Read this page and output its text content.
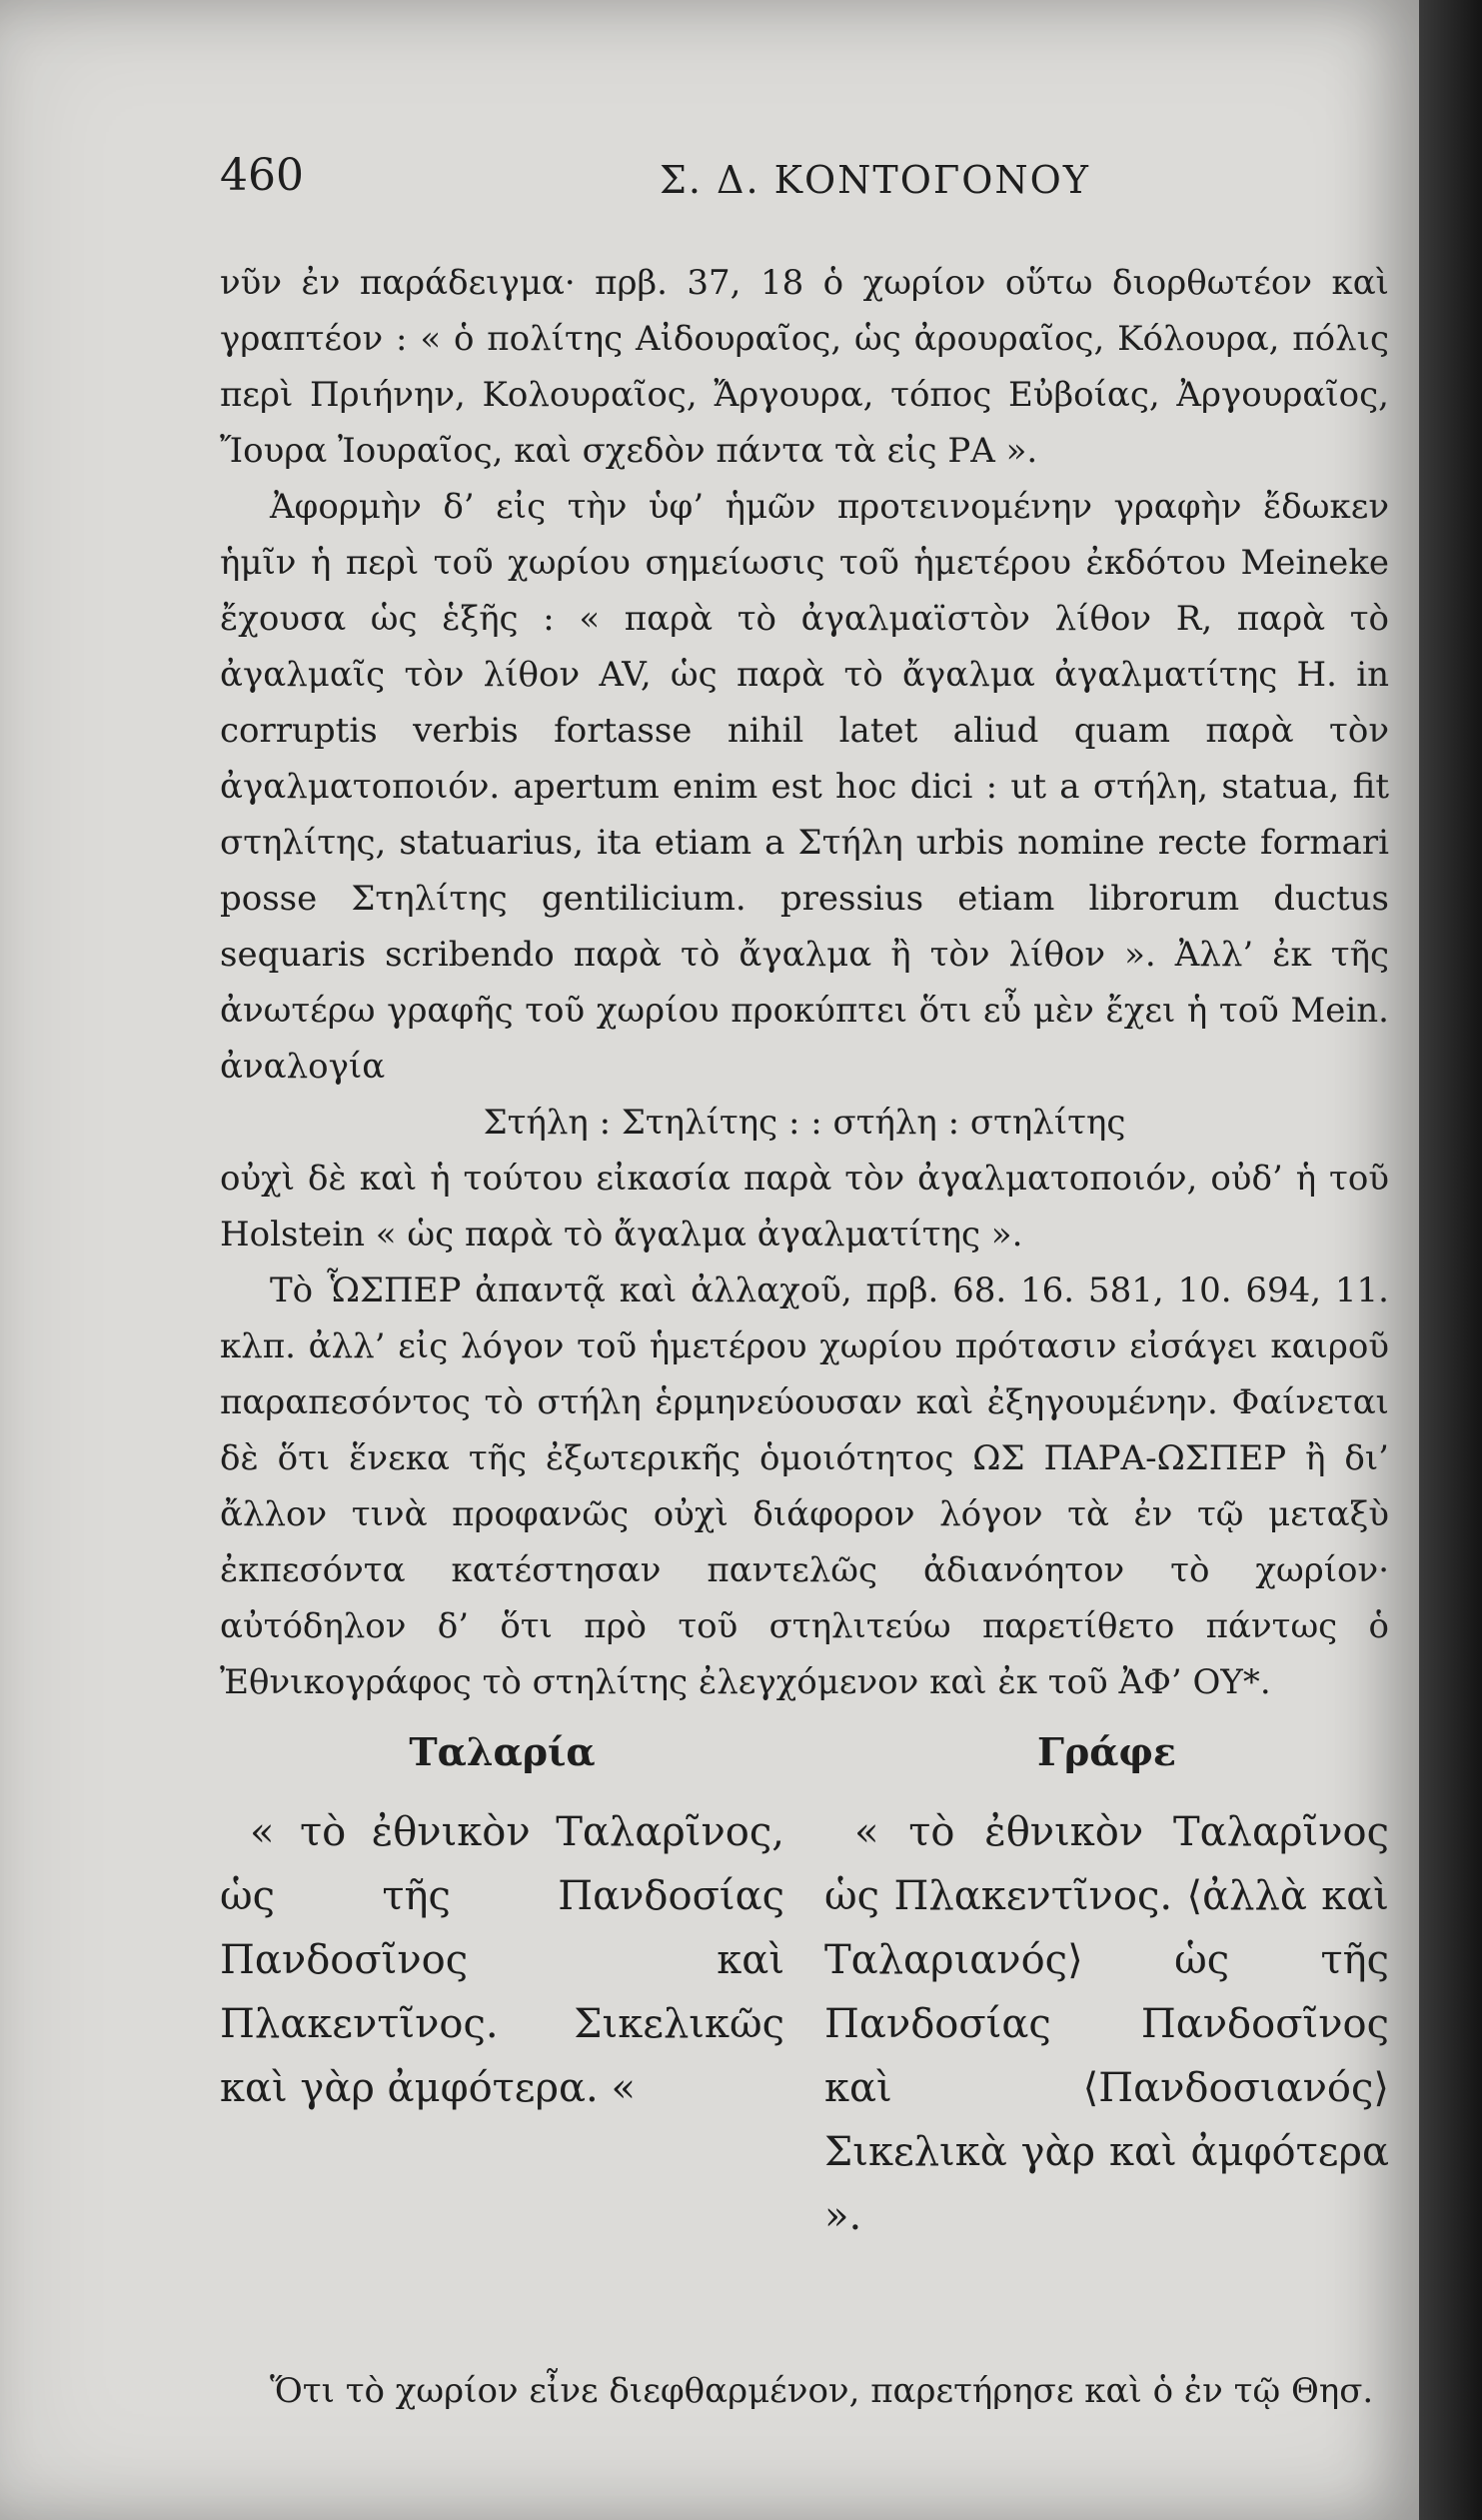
460	Σ. Δ. ΚΟΝΤΟΓΟΝΟΥ

νῦν ἐν παράδειγμα· πρβ. 37, 18 ὁ χωρίον οὕτω διορθωτέον καὶ γραπτέον : « ὁ πολίτης Αἰδουραῖος, ὡς ἀρουραῖος, Κόλουρα, πόλις περὶ Πριήνην, Κολουραῖος, Ἄργουρα, τόπος Εὐβοίας, Ἀργουραῖος, Ἴουρα Ἰουραῖος, καὶ σχεδὸν πάντα τὰ εἰς ΡΑ ».

Ἀφορμὴν δ’ εἰς τὴν ὑφ’ ἡμῶν προτεινομένην γραφὴν ἔδωκεν ἡμῖν ἡ περὶ τοῦ χωρίου σημείωσις τοῦ ἡμετέρου ἐκδότου Meineke ἔχουσα ὡς ἑξῆς : « παρὰ τὸ ἀγαλμαϊστὸν λίθον R, παρὰ τὸ ἀγαλμαῖς τὸν λίθον AV, ὡς παρὰ τὸ ἄγαλμα ἀγαλματίτης H. in corruptis verbis fortasse nihil latet aliud quam παρὰ τὸν ἀγαλματοποιόν. apertum enim est hoc dici : ut a στήλη, statua, fit στηλίτης, statuarius, ita etiam a Στήλη urbis nomine recte formari posse Στηλίτης gentilicium. pressius etiam librorum ductus sequaris scribendo παρὰ τὸ ἄγαλμα ἢ τὸν λίθον ». Ἀλλ’ ἐκ τῆς ἀνωτέρω γραφῆς τοῦ χωρίου προκύπτει ὅτι εὖ μὲν ἔχει ἡ τοῦ Mein. ἀναλογία

Στήλη : Στηλίτης : : στήλη : στηλίτης

οὐχὶ δὲ καὶ ἡ τούτου εἰκασία παρὰ τὸν ἀγαλματοποιόν, οὐδ’ ἡ τοῦ Holstein « ὡς παρὰ τὸ ἄγαλμα ἀγαλματίτης ».

Τὸ ὯΣΠΕΡ ἀπαντᾷ καὶ ἀλλαχοῦ, πρβ. 68. 16. 581, 10. 694, 11. κλπ. ἀλλ’ εἰς λόγον τοῦ ἡμετέρου χωρίου πρότασιν εἰσάγει καιροῦ παραπεσόντος τὸ στήλη ἑρμηνεύουσαν καὶ ἐξηγουμένην. Φαίνεται δὲ ὅτι ἕνεκα τῆς ἐξωτερικῆς ὁμοιότητος ΩΣ ΠΑΡΑ-ΩΣΠΕΡ ἢ δι’ ἄλλον τινὰ προφανῶς οὐχὶ διάφορον λόγον τὰ ἐν τῷ μεταξὺ ἐκπεσόντα κατέστησαν παντελῶς ἀδιανόητον τὸ χωρίον· αὐτόδηλον δ’ ὅτι πρὸ τοῦ στηλιτεύω παρετίθετο πάντως ὁ Ἐθνικογράφος τὸ στηλίτης ἐλεγχόμενον καὶ ἐκ τοῦ ἈΦ’ ΟΥ*.

Ταλαρία

« τὸ ἐθνικὸν Ταλαρῖνος, ὡς τῆς Πανδοσίας Πανδοσῖνος καὶ Πλακεντῖνος. Σικελικῶς καὶ γὰρ ἀμφότερα. «

Γράφε

« τὸ ἐθνικὸν Ταλαρῖνος ὡς Πλακεντῖνος. ⟨ἀλλὰ καὶ Ταλαριανός⟩ ὡς τῆς Πανδοσίας Πανδοσῖνος καὶ ⟨Πανδοσιανός⟩ Σικελικὰ γὰρ καὶ ἀμφότερα ».

Ὅτι τὸ χωρίον εἶνε διεφθαρμένον, παρετήρησε καὶ ὁ ἐν τῷ Θησ.
